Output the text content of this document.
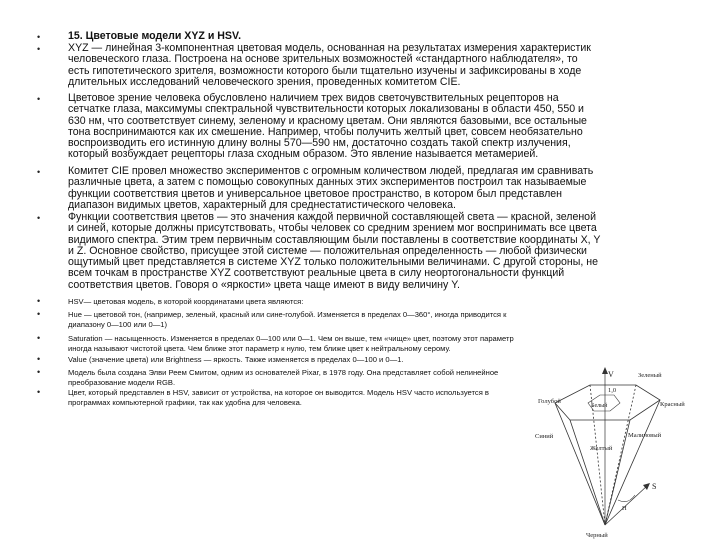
•	15. Цветовые модели XYZ и HSV.

•	XYZ — линейная 3-компонентная цветовая модель, основанная на результатах измерения характеристик
человеческого глаза. Построена на основе зрительных возможностей «стандартного наблюдателя», то
есть гипотетического зрителя, возможности которого были тщательно изучены и зафиксированы в ходе
длительных исследований человеческого зрения, проведенных комитетом CIE.

•	Цветовое зрение человека обусловлено наличием трех видов светочувствительных рецепторов на
сетчатке глаза, максимумы спектральной чувствительности которых локализованы в области 450, 550 и
630 нм, что соответствует синему, зеленому и красному цветам. Они являются базовыми, все остальные
тона воспринимаются как их смешение. Например, чтобы получить желтый цвет, совсем необязательно
воспроизводить его истинную длину волны 570—590 нм, достаточно создать такой спектр излучения,
который возбуждает рецепторы глаза сходным образом. Это явление называется метамерией.

•	Комитет CIE провел множество экспериментов с огромным количеством людей, предлагая им сравнивать
различные цвета, а затем с помощью совокупных данных этих экспериментов построил так называемые
функции соответствия цветов и универсальное цветовое пространство, в котором был представлен
диапазон видимых цветов, характерный для среднестатистического человека.

•	Функции соответствия цветов — это значения каждой первичной составляющей света — красной, зеленой
и синей, которые должны присутствовать, чтобы человек со средним зрением мог воспринимать все цвета
видимого спектра. Этим трем первичным составляющим были поставлены в соответствие координаты X, Y
и Z. Основное свойство, присущее этой системе — положительная определенность — любой физически
ощутимый цвет представляется в системе XYZ только положительными величинами. С другой стороны, не
всем точкам в пространстве XYZ соответствуют реальные цвета в силу неортогональности функций
соответствия цветов. Говоря о «яркости» цвета чаще имеют в виду величину Y.

•	HSV— цветовая модель, в которой координатами цвета являются:

•	Hue — цветовой тон, (например, зеленый, красный или сине-голубой. Изменяется в пределах 0—360°, иногда приводится к
диапазону 0—100 или 0—1)

•	Saturation — насыщенность. Изменяется в пределах 0—100 или 0—1. Чем он выше, тем «чище» цвет, поэтому этот параметр
иногда называют чистотой цвета. Чем ближе этот параметр к нулю, тем ближе цвет к нейтральному серому.

•	Value (значение цвета) или Brightness — яркость. Также изменяется в пределах 0—100 и 0—1.

•	Модель была создана Элви Реем Смитом, одним из основателей Pixar, в 1978 году. Она представляет собой нелинейное
преобразование модели RGB.

•	Цвет, который представлен в HSV, зависит от устройства, на которое он выводится. Модель HSV часто используется в
программах компьютерной графики, так как удобна для человека.

V
1,0
Голубой
Зеленый
Красный
Белый
Синий	Малиновый
Желтый
H
S
Черный
